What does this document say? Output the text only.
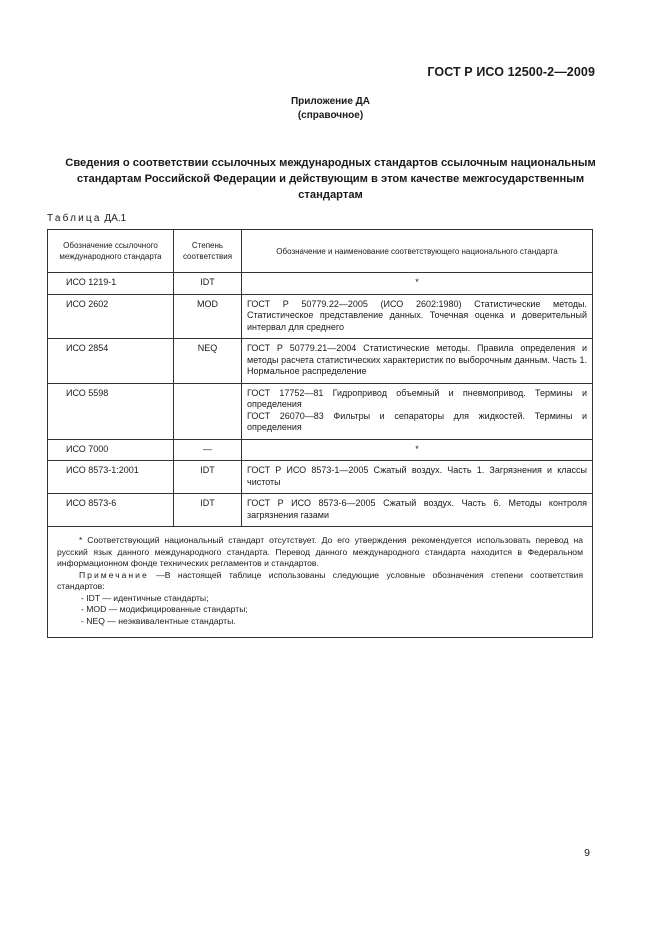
ГОСТ Р ИСО 12500-2—2009
Приложение ДА
(справочное)
Сведения о соответствии ссылочных международных стандартов ссылочным национальным стандартам Российской Федерации и действующим в этом качестве межгосударственным стандартам
Таблица ДА.1
Обозначение ссылочного международного стандарта	Степень соответствия	Обозначение и наименование соответствующего национального стандарта
ИСО 1219-1	IDT	*
ИСО 2602	MOD	ГОСТ Р 50779.22—2005 (ИСО 2602:1980) Статистические методы. Статистическое представление данных. Точечная оценка и доверительный интервал для среднего
ИСО 2854	NEQ	ГОСТ Р 50779.21—2004 Статистические методы. Правила определения и методы расчета статистических характеристик по выборочным данным. Часть 1. Нормальное распределение
ИСО 5598		ГОСТ 17752—81 Гидропривод объемный и пневмопривод. Термины и определения
ГОСТ 26070—83 Фильтры и сепараторы для жидкостей. Термины и определения

ИСО 7000	—	*
ИСО 8573-1:2001	IDT	ГОСТ Р ИСО 8573-1—2005 Сжатый воздух. Часть 1. Загрязнения и классы чистоты
ИСО 8573-6	IDT	ГОСТ Р ИСО 8573-6—2005 Сжатый воздух. Часть 6. Методы контроля загрязнения газами

* Соответствующий национальный стандарт отсутствует. До его утверждения рекомендуется использовать перевод на русский язык данного международного стандарта. Перевод данного международного стандарта находится в Федеральном информационном фонде технических регламентов и стандартов.

Примечание —В настоящей таблице использованы следующие условные обозначения степени соответствия стандартов:

- IDT — идентичные стандарты;

- MOD — модифицированные стандарты;

- NEQ — неэквивалентные стандарты.		

9
